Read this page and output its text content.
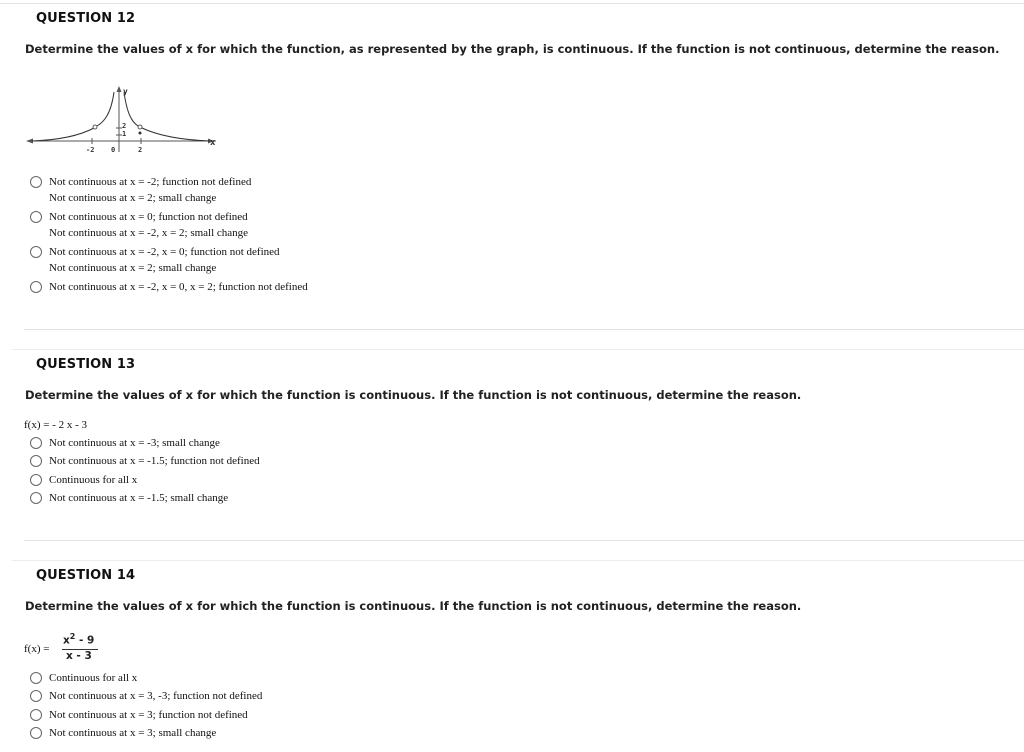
QUESTION 12
Determine the values of x for which the function, as represented by the graph, is continuous. If the function is not continuous, determine the reason.
y
x
2
1
-2 0	2
Not continuous at x = -2; function not defined
Not continuous at x = 2; small change
Not continuous at x = 0; function not defined
Not continuous at x = -2, x = 2; small change
Not continuous at x = -2, x = 0; function not defined
Not continuous at x = 2; small change
Not continuous at x = -2, x = 0, x = 2; function not defined
QUESTION 13
Determine the values of x for which the function is continuous. If the function is not continuous, determine the reason.
f(x) = - 2 x - 3
Not continuous at x = -3; small change
Not continuous at x = -1.5; function not defined
Continuous for all x
Not continuous at x = -1.5; small change
QUESTION 14
Determine the values of x for which the function is continuous. If the function is not continuous, determine the reason.
f(x) =
$x^2 - 9$
x - 3
Continuous for all x
Not continuous at x = 3, -3; function not defined
Not continuous at x = 3; function not defined
Not continuous at x = 3; small change
